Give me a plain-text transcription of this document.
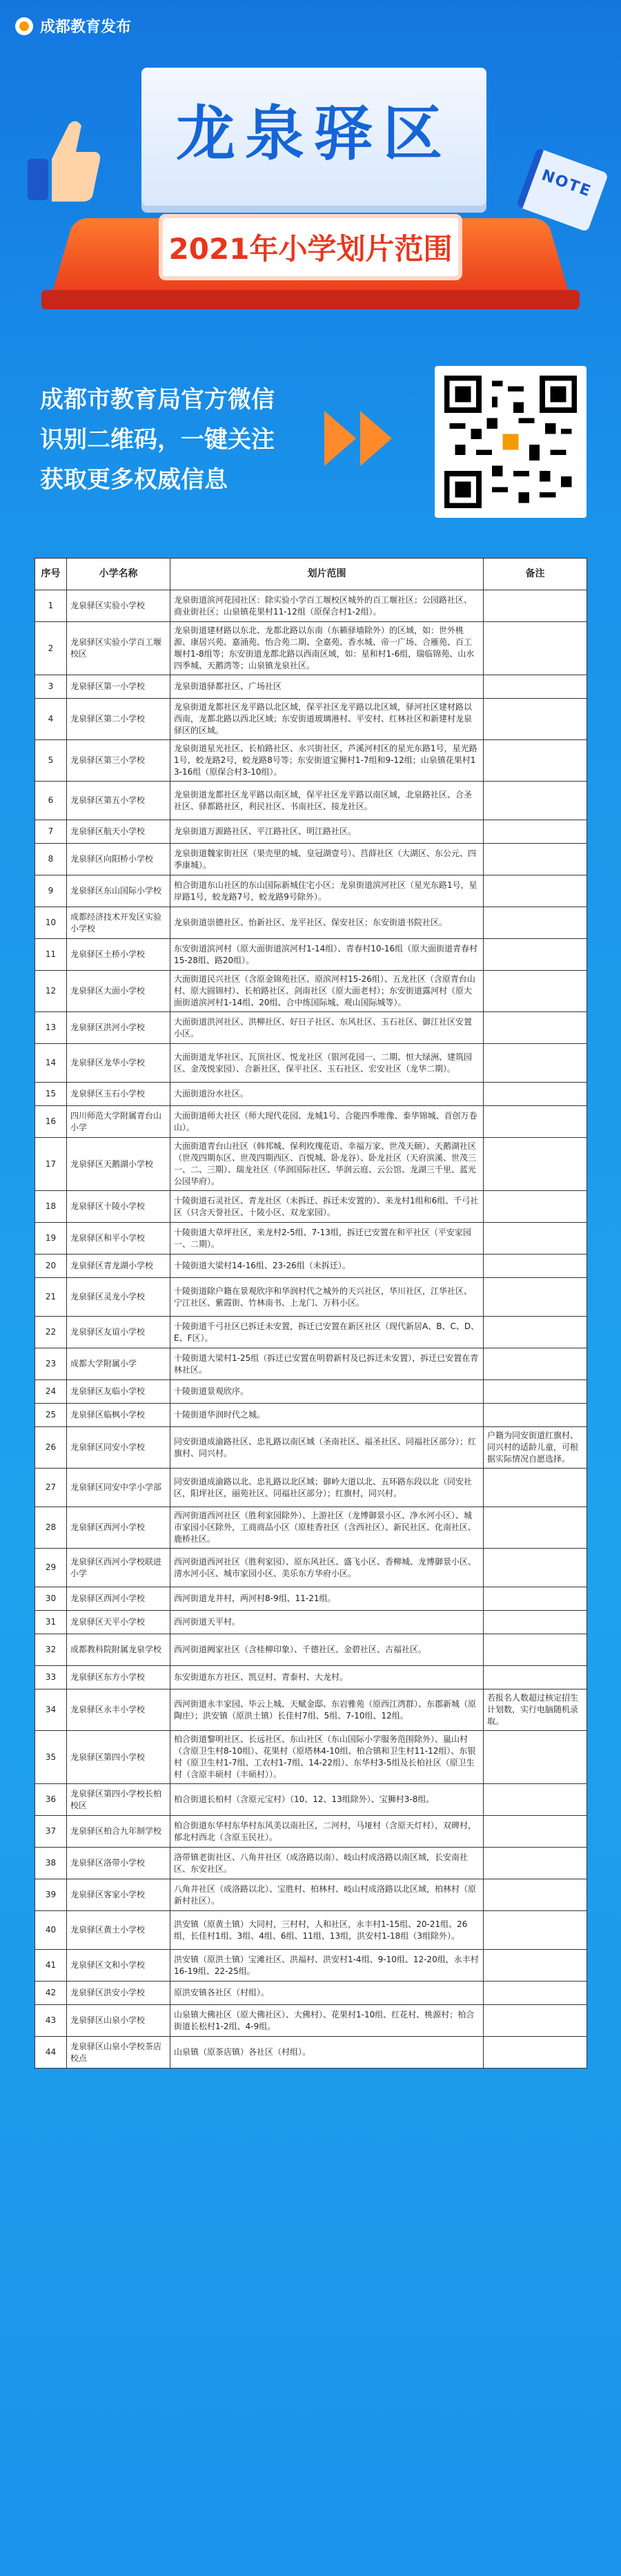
成都教育发布
龙泉驿区
NOTE
2021年小学划片范围
成都市教育局官方微信
识别二维码，一键关注
获取更多权威信息
序号	小学名称	划片范围	备注
1	龙泉驿区实验小学校	龙泉街道滨河花园社区：除实验小学百工堰校区城外的百工堰社区；公园路社区、商业街社区；山泉镇花果村11-12组（原保合村1-2组）。	
2	龙泉驿区实验小学百工堰校区	龙泉街道建材路以东北、龙都北路以东南（东籁驿墙除外）的区域，如：世外桃源、康居兴苑、嘉涌苑、怡合苑二期、全嘉苑、香水城、帝一广场、合雁苑、百工堰村1-8组等；东安街道龙都北路以西南区域，如：星和村1-6组，瑞临锦苑、山水四季城、天鹅湾等；山泉镇龙泉社区。	
3	龙泉驿区第一小学校	龙泉街道驿都社区、广场社区	
4	龙泉驿区第二小学校	龙泉街道龙都社区龙平路以北区域，保平社区龙平路以北区域，驿河社区建材路以西南，龙都北路以西北区域；东安街道玻璃港村、平安村、红林社区和新建村龙泉驿区的区域。	
5	龙泉驿区第三小学校	龙泉街道星光社区、长柏路社区、永兴街社区，芦溪河村区的星光东路1号，星光路1号，蛟龙路2号，蛟龙路8号等；东安街道宝狮村1-7组和9-12组；山泉镇花果村13-16组（原保合村3-10组）。	
6	龙泉驿区第五小学校	龙泉街道龙都社区龙平路以南区域，保平社区龙平路以南区域，北泉路社区、合圣社区、驿都路社区，利民社区、书南社区、接龙社区。	
7	龙泉驿区航天小学校	龙泉街道万源路社区、平江路社区、明江路社区。	
8	龙泉驿区向阳桥小学校	龙泉街道魏家街社区（果壳里的城、皇冠湖壹号）、莒薛社区（大湖区、东公元、四季康城）。	
9	龙泉驿区东山国际小学校	柏合街道东山社区的东山国际新城住宅小区；龙泉街道滨河社区（星光东路1号，星岸路1号，蛟龙路7号，蛟龙路9号除外）。	
10	成都经济技术开发区实验小学校	龙泉街道崇德社区、怡新社区、龙平社区、保安社区；东安街道书院社区。	
11	龙泉驿区土桥小学校	东安街道滨河村（原大面街道滨河村1-14组）、青春村10-16组（原大面街道青春村15-28组、路20组）。	
12	龙泉驿区大面小学校	大面街道民兴社区（含原金锦苑社区、原滨河村15-26组）、五龙社区（含原青台山村、原大圆锦村）、长柏路社区、剑南社区（原大面老村）；东安街道露河村（原大面街道滨河村1-14组、20组、合中练国际城、观山国际城等）。	
13	龙泉驿区洪河小学校	大面街道洪河社区、洪柳社区、好日子社区、东风社区、玉石社区、御江社区安置小区。	
14	龙泉驿区龙华小学校	大面街道龙华社区、瓦顶社区、悦龙社区（银河花园一、二期、恒大绿洲、建筑园区、金茂悦家园）、合新社区，保平社区、玉石社区、宏安社区（龙华二期）。	
15	龙泉驿区玉石小学校	大面街道汾水社区。	
16	四川师范大学附属青台山小学	大面街道师大社区（师大现代花园、龙城1号、合能四季唯像、泰华锦城、首创万卷山）。	
17	龙泉驿区天鹅湖小学校	大面街道青台山社区（韩邦城、保利玫瑰花语、幸福万家、世茂天颐）、天鹅湖社区（世茂四期东区、世茂四期西区、百悦城、卧龙谷）、卧龙社区（天府滨溪、世茂三一、二、三期）、瑞龙社区（华润国际社区、华润云庭、云公馆、龙湖三千里、蓝光公园华府）。	
18	龙泉驿区十陵小学校	十陵街道石灵社区、青龙社区（未拆迁、拆迁未安置的）、来龙村1组和6组、千弓社区（只含天誉社区、十陵小区、双龙家园）。	
19	龙泉驿区和平小学校	十陵街道大草坪社区，来龙村2-5组、7-13组，拆迁已安置在和平社区（平安家园一、二期）。	
20	龙泉驿区青龙湖小学校	十陵街道大梁村14-16组、23-26组（未拆迁）。	
21	龙泉驿区灵龙小学校	十陵街道除户籍在景观欣序和华润村代之城外的天兴社区，华川社区，江华社区、宁江社区、紫霞街、竹林南书、上龙门、万科小区。	
22	龙泉驿区友谊小学校	十陵街道千弓社区已拆迁未安置，拆迁已安置在新区社区（现代新居A、B、C、D、E、F区）。	
23	成都大学附属小学	十陵街道大梁村1-25组（拆迁已安置在明碧新村及已拆迁未安置），拆迁已安置在青林社区。	
24	龙泉驿区友临小学校	十陵街道景观欣序。	
25	龙泉驿区临枫小学校	十陵街道华润时代之城。	
26	龙泉驿区同安小学校	同安街道成渝路社区、忠礼路以南区域（圣南社区、福圣社区、同福社区部分）；红旗村、同兴村。	户籍为同安街道红旗村、同兴村的适龄儿童，可根据实际情况自愿选择。
27	龙泉驿区同安中学小学部	同安街道成渝路以北、忠礼路以北区域；御岭大道以北、五环路东段以北（同安社区，阳坪社区，丽苑社区、同福社区部分）；红旗村，同兴村。	
28	龙泉驿区西河小学校	西河街道西河社区（胜利家园除外）、上游社区（龙博御景小区、净水河小区）、城市家园小区除外，工商商品小区（原桂香社区（含西社区）、新民社区、化南社区、鹿桥社区。	
29	龙泉驿区西河小学校联进小学	西河街道西河社区（胜利家园）、原东风社区、盛飞小区、香柳城、龙博御景小区、清水河小区、城市家园小区、美乐东方华府小区。	
30	龙泉驿区西河小学校	西河街道龙井村，两河村8-9组、11-21组。	
31	龙泉驿区天平小学校	西河街道天平村。	
32	成都教科院附属龙泉学校	西河街道阙家社区（含桂柳印象）、千德社区、金碧社区、古福社区。	
33	龙泉驿区东方小学校	东安街道东方社区、凯豆村、青泰村、大龙村。	
34	龙泉驿区永丰小学校	西河街道永丰家园、毕云上城、天赋金邸、东岩雅苑（原西江湾群）、东郡新城（原陶庄）；洪安镇（原洪土镇）长佳村7组、5组、7-10组、12组。	若报名人数超过核定招生计划数，实行电脑随机录取。
35	龙泉驿区第四小学校	柏合街道黎明社区、长远社区、东山社区（东山国际小学服务范围除外）、嵐山村（含原卫生村8-10组）、花果村（原塔林4-10组、柏合镇和卫生村11-12组）、东银村（原卫生村1-7组、工农村1-7组、14-22组）、东华村3-5组及长柏社区（原卫生村（含原丰硕村（丰硕村））。	
36	龙泉驿区第四小学校长柏校区	柏合街道长柏村（含原元宝村）（10、12、13组除外）、宝狮村3-8组。	
37	龙泉驿区柏合九年制学校	柏合街道东华村东华村东风美以南社区，二河村，马垭村（含原天灯村），双碑村，郁北村西北（含原玉民社）。	
38	龙泉驿区洛带小学校	洛带镇老街社区、八角井社区（成洛路以南）、岐山村成洛路以南区域，长安南社区、东安社区。	
39	龙泉驿区客家小学校	八角井社区（成洛路以北）、宝胜村、柏林村、岐山村成洛路以北区域，柏林村（原新村社区）。	
40	龙泉驿区黄土小学校	洪安镇（原黄土镇）大同村，三村村，人和社区，永丰村1-15组、20-21组、26组，长佳村1组、3组、4组、6组、11组、13组，洪安村1-18组（3组除外）。	
41	龙泉驿区文和小学校	洪安镇（原洪土镇）宝滩社区、洪福村、洪安村1-4组、9-10组、12-20组，永丰村16-19组、22-25组。	
42	龙泉驿区洪安小学校	原洪安镇各社区（村组）。	
43	龙泉驿区山泉小学校	山泉镇大佛社区（原大佛社区）、大佛村）、花果村1-10组、红花村、桃源村；柏合街道长松村1-2组、4-9组。	
44	龙泉驿区山泉小学校茶店校点	山泉镇（原茶店镇）各社区（村组）。	
